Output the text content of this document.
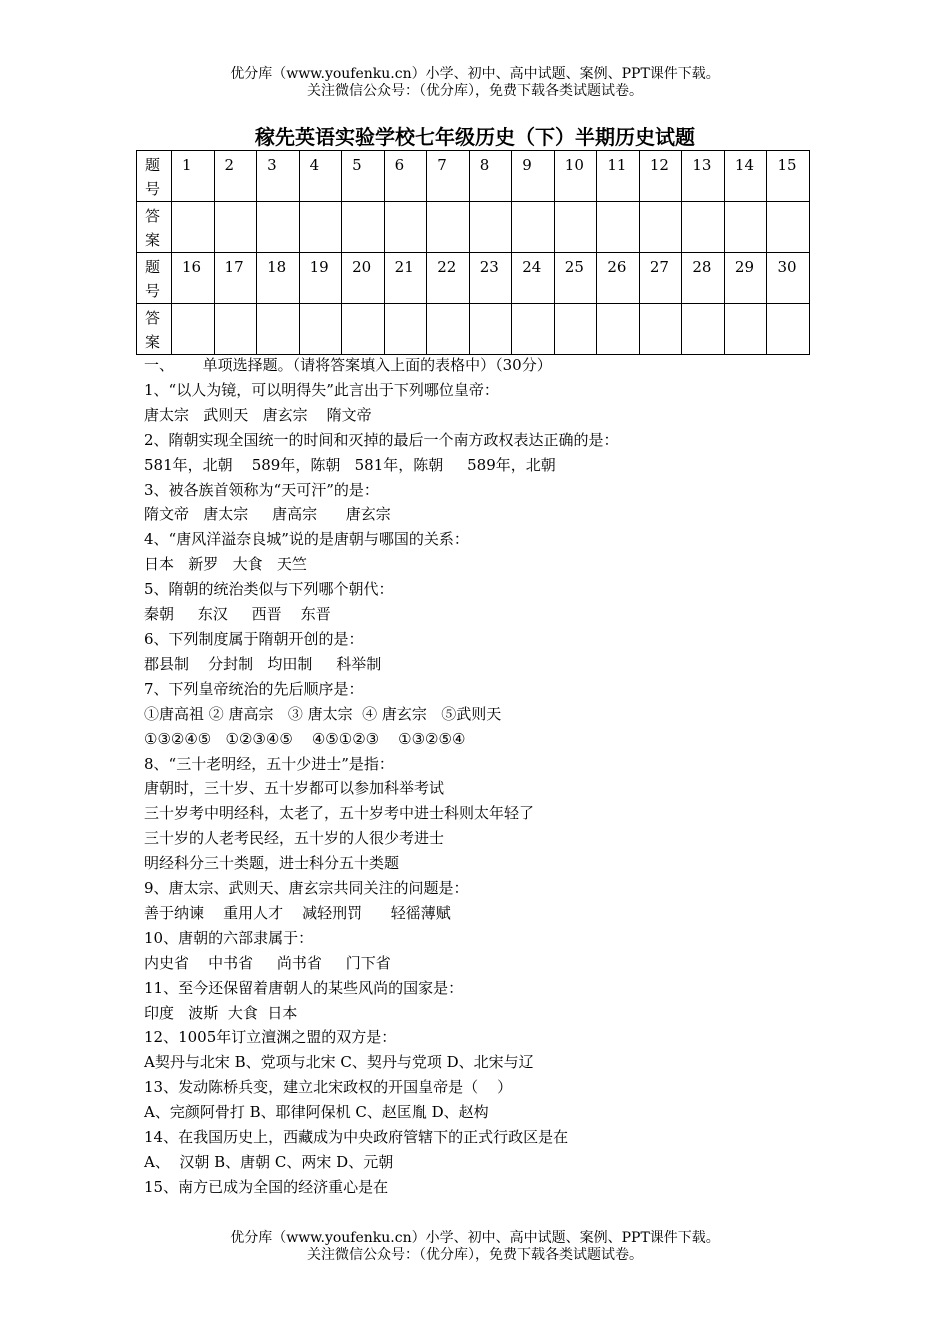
优分库（www.youfenku.cn）小学、初中、高中试题、案例、PPT课件下载。
关注微信公众号：（优分库），免费下载各类试题试卷。
稼先英语实验学校七年级历史（下）半期历史试题
题号	1	2	3	4	5	6	7	8	9	10	11	12	13	14	15
答案															
题号	16	17	18	19	20	21	22	23	24	25	26	27	28	29	30
答案															
一、      单项选择题。（请将答案填入上面的表格中）（30分）
1、“以人为镜，可以明得失”此言出于下列哪位皇帝：
唐太宗   武则天   唐玄宗    隋文帝
2、隋朝实现全国统一的时间和灭掉的最后一个南方政权表达正确的是：
581年，北朝    589年，陈朝   581年，陈朝     589年，北朝
3、被各族首领称为“天可汗”的是：
隋文帝   唐太宗     唐高宗      唐玄宗
4、“唐风洋溢奈良城”说的是唐朝与哪国的关系：
日本   新罗   大食   天竺
5、隋朝的统治类似与下列哪个朝代：
秦朝     东汉     西晋    东晋
6、下列制度属于隋朝开创的是：
郡县制    分封制   均田制     科举制
7、下列皇帝统治的先后顺序是：
①唐高祖 ② 唐高宗   ③ 唐太宗  ④ 唐玄宗   ⑤武则天
①③②④⑤   ①②③④⑤    ④⑤①②③    ①③②⑤④
8、“三十老明经，五十少进士”是指：
唐朝时，三十岁、五十岁都可以参加科举考试
三十岁考中明经科，太老了，五十岁考中进士科则太年轻了
三十岁的人老考民经，五十岁的人很少考进士
明经科分三十类题，进士科分五十类题
9、唐太宗、武则天、唐玄宗共同关注的问题是：
善于纳谏    重用人才    减轻刑罚      轻徭薄赋
10、唐朝的六部隶属于：
内史省    中书省     尚书省     门下省
11、至今还保留着唐朝人的某些风尚的国家是：
印度   波斯  大食  日本
12、1005年订立澶渊之盟的双方是：
A契丹与北宋 B、党项与北宋 C、契丹与党项 D、北宋与辽
13、发动陈桥兵变，建立北宋政权的开国皇帝是（    ）
A、完颜阿骨打 B、耶律阿保机 C、赵匡胤 D、赵构
14、在我国历史上，西藏成为中央政府管辖下的正式行政区是在
A、  汉朝 B、唐朝 C、两宋 D、元朝
15、南方已成为全国的经济重心是在
优分库（www.youfenku.cn）小学、初中、高中试题、案例、PPT课件下载。
关注微信公众号：（优分库），免费下载各类试题试卷。
